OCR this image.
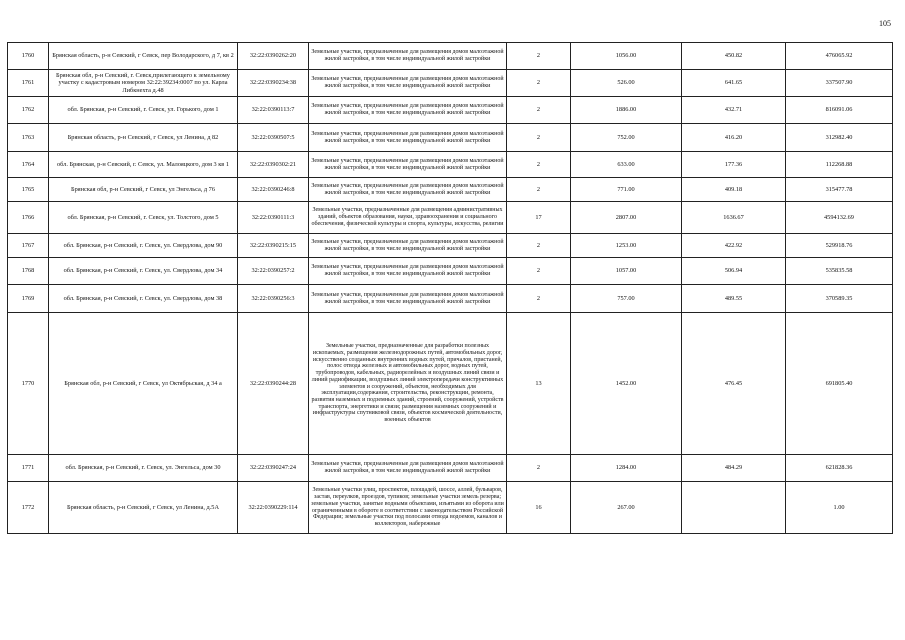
105
1760	Брянская область, р-н Севский, г Севск, пер Володарского, д 7, кв 2	32:22:0390262:20	Земельные участки, предназначенные для размещения домов малоэтажной жилой застройки, в том числе индивидуальной жилой застройки	2	1056.00	450.82	476065.92
1761	Брянская обл, р-н Севский, г. Севск,прилегающего к земельному участку с кадастровым номером 32:22:39234:0007 по ул. Карла Либкнехта д.48	32:22:0390234:38	Земельные участки, предназначенные для размещения домов малоэтажной жилой застройки, в том числе индивидуальной жилой застройки	2	526.00	641.65	337507.90
1762	обл. Брянская, р-н Севский, г. Севск, ул. Горького, дом 1	32:22:0390113:7	Земельные участки, предназначенные для размещения домов малоэтажной жилой застройки, в том числе индивидуальной жилой застройки	2	1886.00	432.71	816091.06
1763	Брянская область, р-н Севский, г Севск, ул Ленина, д 82	32:22:0390507:5	Земельные участки, предназначенные для размещения домов малоэтажной жилой застройки, в том числе индивидуальной жилой застройки	2	752.00	416.20	312982.40
1764	обл. Брянская, р-н Севский, г. Севск, ул. Малояцкого, дом 3 кв 1	32:22:0390302:21	Земельные участки, предназначенные для размещения домов малоэтажной жилой застройки, в том числе индивидуальной жилой застройки	2	633.00	177.36	112268.88
1765	Брянская обл, р-н Севский, г Севск, ул Энгельса, д 76	32:22:0390246:8	Земельные участки, предназначенные для размещения домов малоэтажной жилой застройки, в том числе индивидуальной жилой застройки	2	771.00	409.18	315477.78
1766	обл. Брянская, р-н Севский, г. Севск, ул. Толстого, дом 5	32:22:0390111:3	Земельные участки, предназначенные для размещения административных зданий, объектов образования, науки, здравоохранения и социального обеспечения, физической культуры и спорта, культуры, искусства, религии	17	2807.00	1636.67	4594132.69
1767	обл. Брянская, р-н Севский, г. Севск, ул. Свердлова, дом 90	32:22:0390215:15	Земельные участки, предназначенные для размещения домов малоэтажной жилой застройки, в том числе индивидуальной жилой застройки	2	1253.00	422.92	529918.76
1768	обл. Брянская, р-н Севский, г. Севск, ул. Свердлова, дом 34	32:22:0390257:2	Земельные участки, предназначенные для размещения домов малоэтажной жилой застройки, в том числе индивидуальной жилой застройки	2	1057.00	506.94	535835.58
1769	обл. Брянская, р-н Севский, г. Севск, ул. Свердлова, дом 38	32:22:0390256:3	Земельные участки, предназначенные для размещения домов малоэтажной жилой застройки, в том числе индивидуальной жилой застройки	2	757.00	489.55	370589.35
1770	Брянская обл, р-н Севский, г Севск, ул Октябрьская, д 34 а	32:22:0390244:28	Земельные участки, предназначенные для разработки полезных ископаемых, размещения железнодорожных путей, автомобильных дорог, искусственно созданных внутренних водных путей, причалов, пристаней, полос отвода железных и автомобильных дорог, водных путей, трубопроводов, кабельных, радиорелейных и воздушных линий связи и линий радиофикации, воздушных линий электропередачи конструктивных элементов и сооружений, объектов, необходимых для эксплуатации,содержания, строительства, реконструкции, ремонта, развития наземных и подземных зданий, строений, сооружений, устройств транспорта, энергетики и связи; размещения наземных сооружений и инфраструктуры спутниковой связи, объектов космической деятельности, военных объектов	13	1452.00	476.45	691805.40
1771	обл. Брянская, р-н Севский, г. Севск, ул. Энгельса, дом 30	32:22:0390247:24	Земельные участки, предназначенные для размещения домов малоэтажной жилой застройки, в том числе индивидуальной жилой застройки	2	1284.00	484.29	621828.36
1772	Брянская область, р-н Севский, г Севск, ул Ленина, д.5А	32:22:0390229:114	Земельные участки улиц, проспектов, площадей, шоссе, аллей, бульваров, застав, переулков, проездов, тупиков; земельные участки земель резерва; земельные участки, занятые водными объектами, изъятыми из оборота или ограниченными в обороте в соответствии с законодательством Российской Федерации; земельные участки под полосами отвода водоемов, каналов и коллекторов, набережные	16	267.00		1.00
